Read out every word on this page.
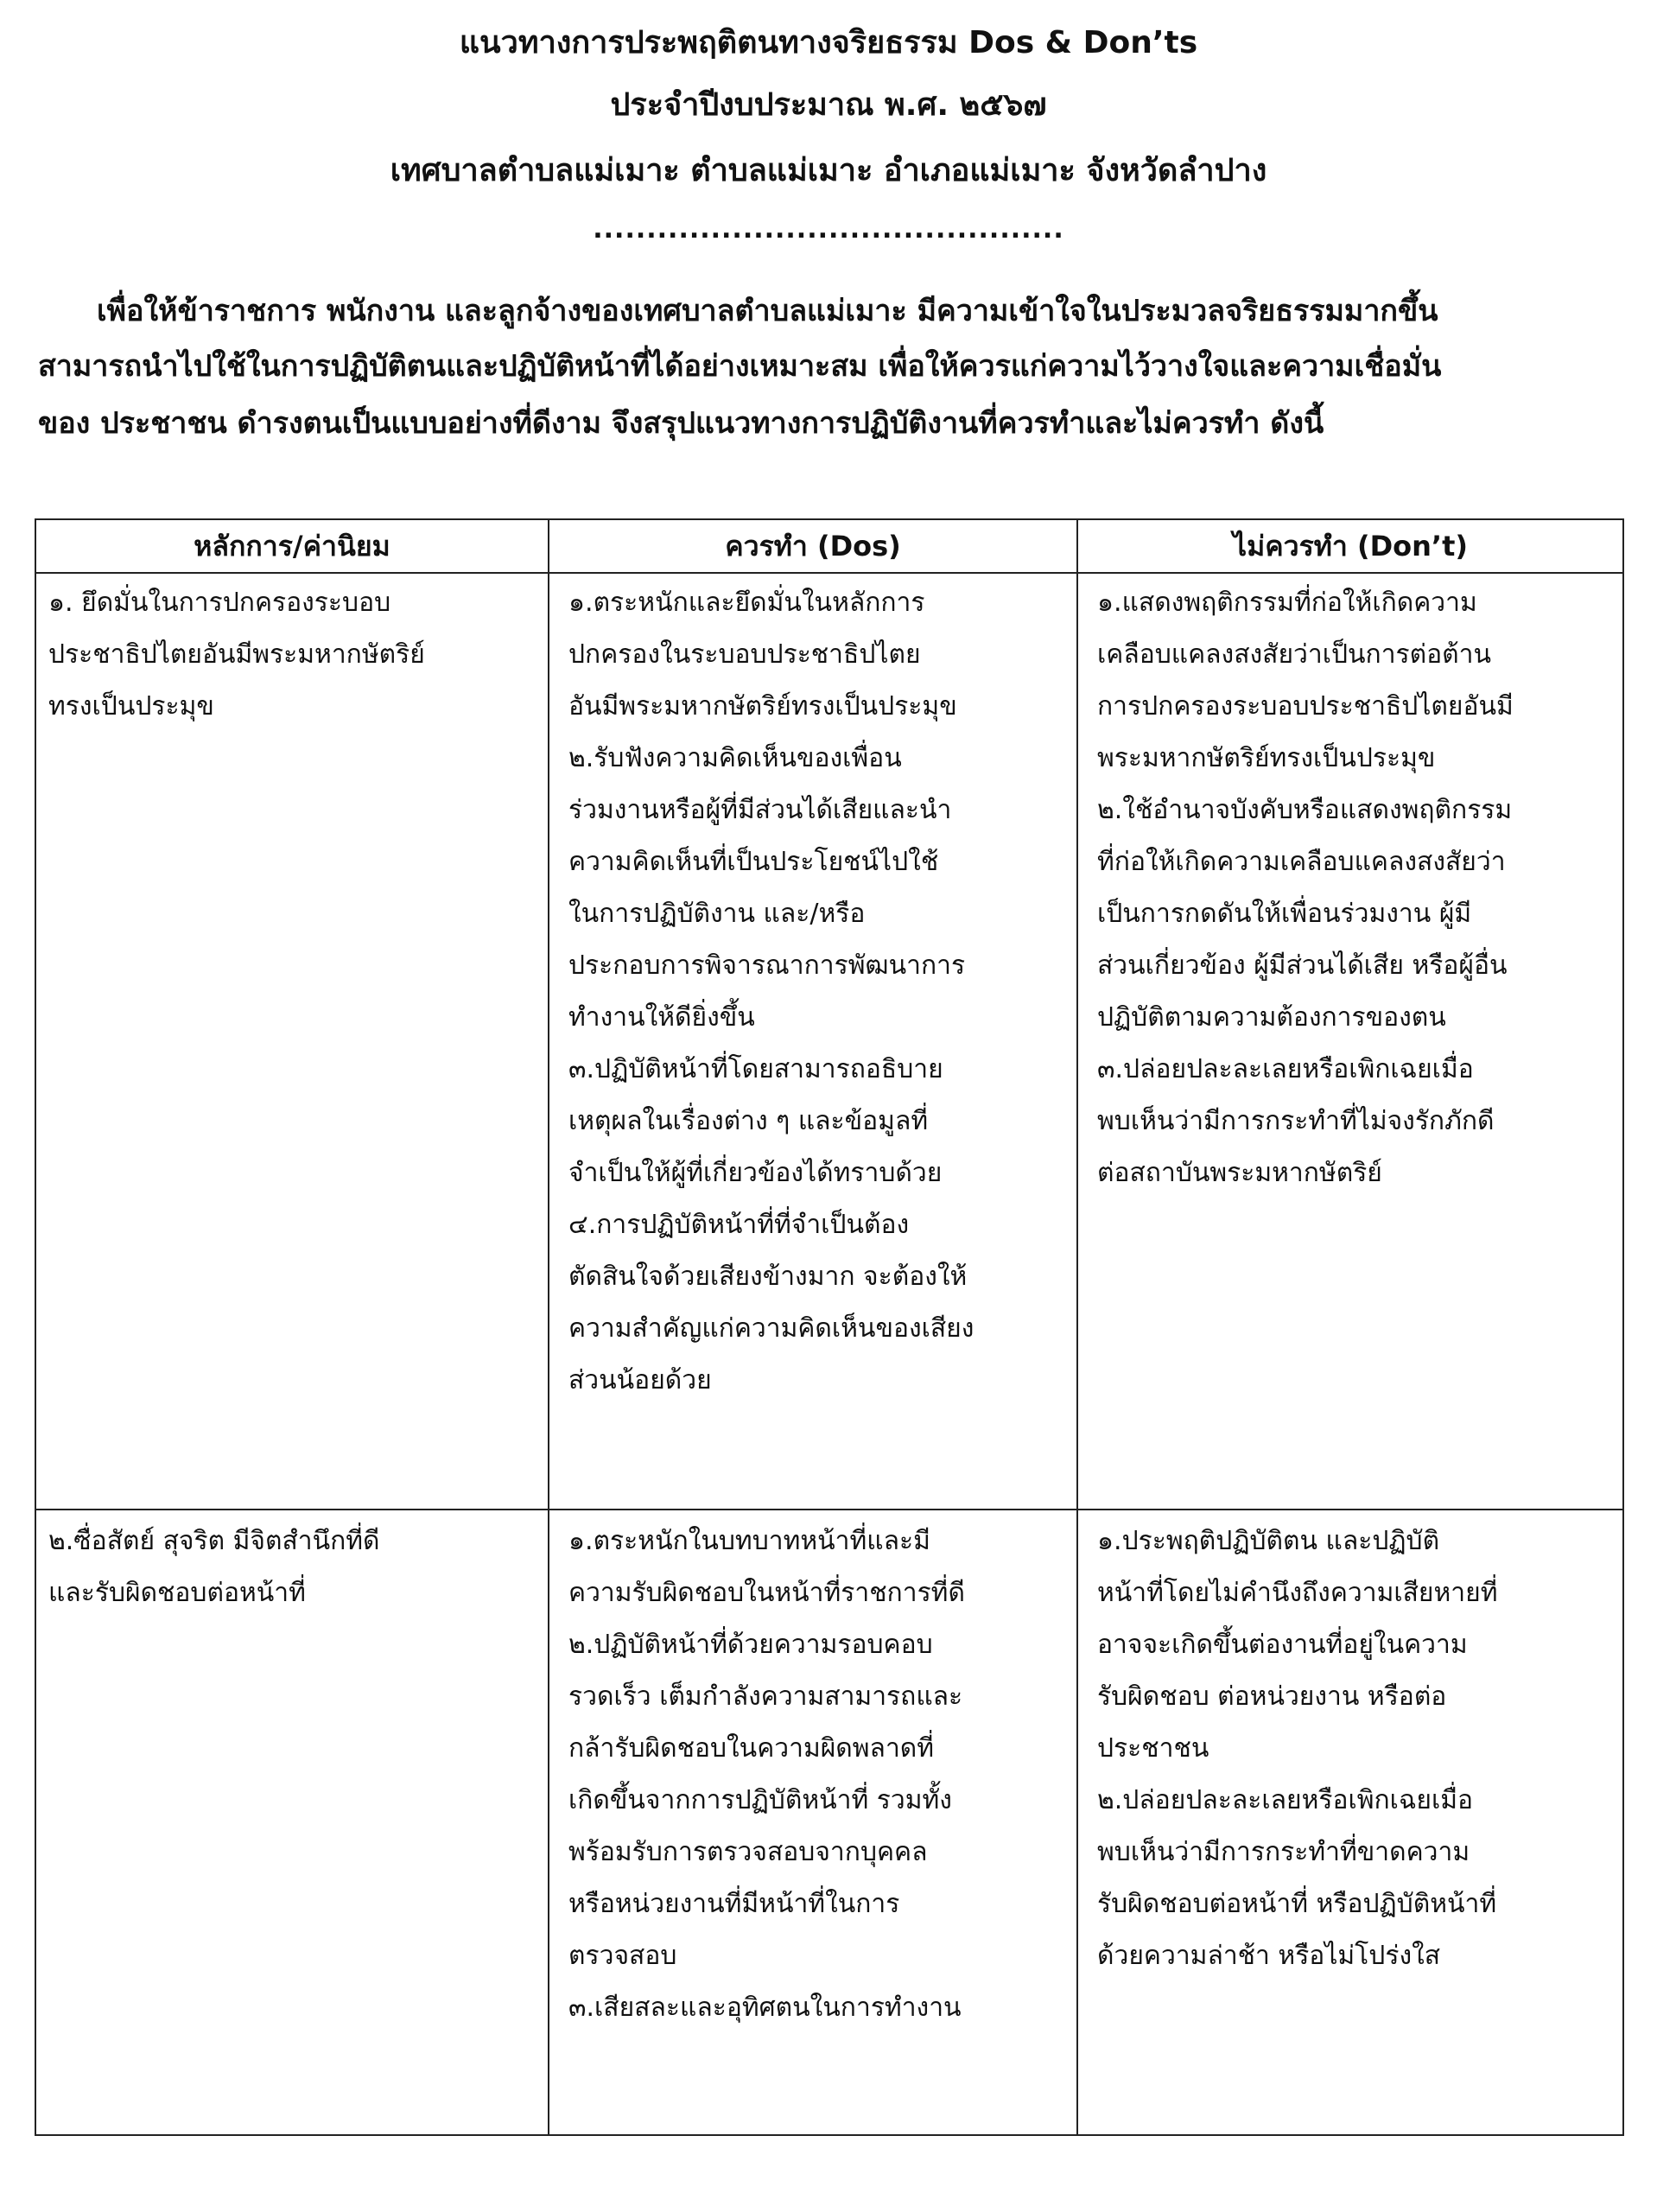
แนวทางการประพฤติตนทางจริยธรรม Dos & Don’ts
ประจำปีงบประมาณ พ.ศ. ๒๕๖๗
เทศบาลตำบลแม่เมาะ ตำบลแม่เมาะ อำเภอแม่เมาะ จังหวัดลำปาง
............................................
เพื่อให้ข้าราชการ พนักงาน และลูกจ้างของเทศบาลตำบลแม่เมาะ มีความเข้าใจในประมวลจริยธรรมมากขึ้น
สามารถนำไปใช้ในการปฏิบัติตนและปฏิบัติหน้าที่ได้อย่างเหมาะสม เพื่อให้ควรแก่ความไว้วางใจและความเชื่อมั่น
ของ ประชาชน ดำรงตนเป็นแบบอย่างที่ดีงาม จึงสรุปแนวทางการปฏิบัติงานที่ควรทำและไม่ควรทำ ดังนี้
หลักการ/ค่านิยม	ควรทำ (Dos)	ไม่ควรทำ (Don’t)
๑. ยึดมั่นในการปกครองระบอบ
ประชาธิปไตยอันมีพระมหากษัตริย์
ทรงเป็นประมุข
๑.ตระหนักและยึดมั่นในหลักการ
ปกครองในระบอบประชาธิปไตย
อันมีพระมหากษัตริย์ทรงเป็นประมุข
๒.รับฟังความคิดเห็นของเพื่อน
ร่วมงานหรือผู้ที่มีส่วนได้เสียและนำ
ความคิดเห็นที่เป็นประโยชน์ไปใช้
ในการปฏิบัติงาน และ/หรือ
ประกอบการพิจารณาการพัฒนาการ
ทำงานให้ดียิ่งขึ้น
๓.ปฏิบัติหน้าที่โดยสามารถอธิบาย
เหตุผลในเรื่องต่าง ๆ และข้อมูลที่
จำเป็นให้ผู้ที่เกี่ยวข้องได้ทราบด้วย
๔.การปฏิบัติหน้าที่ที่จำเป็นต้อง
ตัดสินใจด้วยเสียงข้างมาก จะต้องให้
ความสำคัญแก่ความคิดเห็นของเสียง
ส่วนน้อยด้วย
๑.แสดงพฤติกรรมที่ก่อให้เกิดความ
เคลือบแคลงสงสัยว่าเป็นการต่อต้าน
การปกครองระบอบประชาธิปไตยอันมี
พระมหากษัตริย์ทรงเป็นประมุข
๒.ใช้อำนาจบังคับหรือแสดงพฤติกรรม
ที่ก่อให้เกิดความเคลือบแคลงสงสัยว่า
เป็นการกดดันให้เพื่อนร่วมงาน ผู้มี
ส่วนเกี่ยวข้อง ผู้มีส่วนได้เสีย หรือผู้อื่น
ปฏิบัติตามความต้องการของตน
๓.ปล่อยปละละเลยหรือเพิกเฉยเมื่อ
พบเห็นว่ามีการกระทำที่ไม่จงรักภักดี
ต่อสถาบันพระมหากษัตริย์
๒.ซื่อสัตย์ สุจริต มีจิตสำนึกที่ดี
และรับผิดชอบต่อหน้าที่
๑.ตระหนักในบทบาทหน้าที่และมี
ความรับผิดชอบในหน้าที่ราชการที่ดี
๒.ปฏิบัติหน้าที่ด้วยความรอบคอบ
รวดเร็ว เต็มกำลังความสามารถและ
กล้ารับผิดชอบในความผิดพลาดที่
เกิดขึ้นจากการปฏิบัติหน้าที่ รวมทั้ง
พร้อมรับการตรวจสอบจากบุคคล
หรือหน่วยงานที่มีหน้าที่ในการ
ตรวจสอบ
๓.เสียสละและอุทิศตนในการทำงาน
๑.ประพฤติปฏิบัติตน และปฏิบัติ
หน้าที่โดยไม่คำนึงถึงความเสียหายที่
อาจจะเกิดขึ้นต่องานที่อยู่ในความ
รับผิดชอบ ต่อหน่วยงาน หรือต่อ
ประชาชน
๒.ปล่อยปละละเลยหรือเพิกเฉยเมื่อ
พบเห็นว่ามีการกระทำที่ขาดความ
รับผิดชอบต่อหน้าที่ หรือปฏิบัติหน้าที่
ด้วยความล่าช้า หรือไม่โปร่งใส
